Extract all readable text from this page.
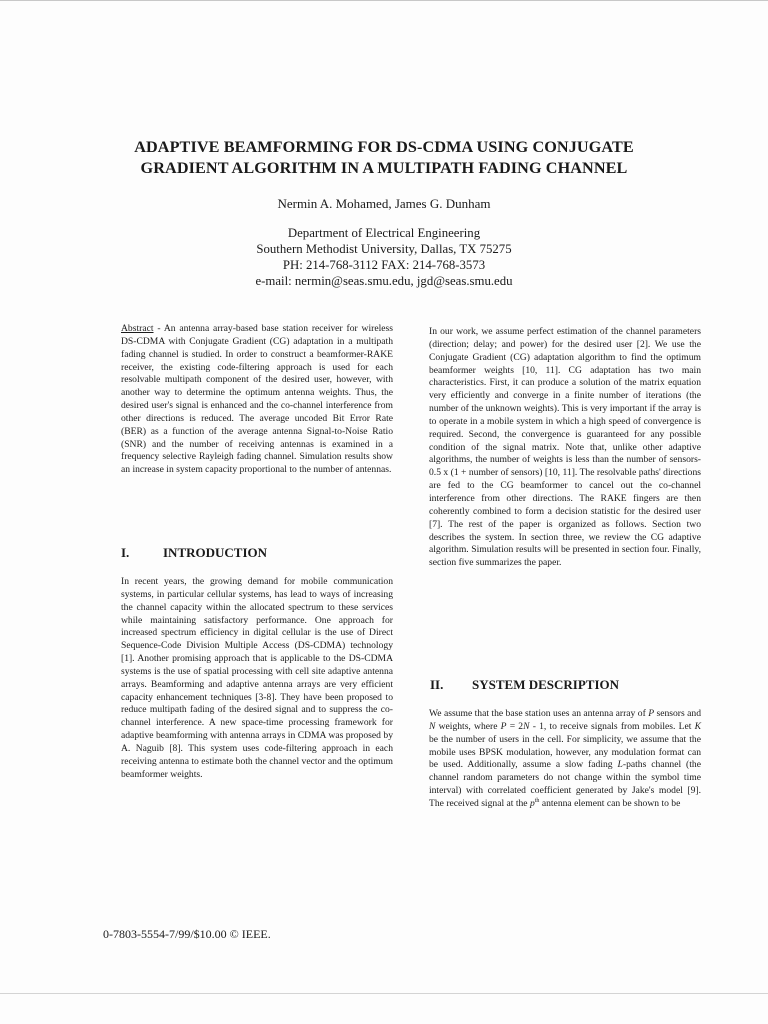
ADAPTIVE BEAMFORMING FOR DS-CDMA USING CONJUGATE
GRADIENT ALGORITHM IN A MULTIPATH FADING CHANNEL

Nermin A. Mohamed, James G. Dunham

Department of Electrical Engineering
Southern Methodist University, Dallas, TX 75275
PH: 214-768-3112 FAX: 214-768-3573
e-mail: nermin@seas.smu.edu, jgd@seas.smu.edu

Abstract - An antenna array-based base station receiver for wireless DS-CDMA with Conjugate Gradient (CG) adaptation in a multipath fading channel is studied. In order to construct a beamformer-RAKE receiver, the existing code-filtering approach is used for each resolvable multipath component of the desired user, however, with another way to determine the optimum antenna weights. Thus, the desired user's signal is enhanced and the co-channel interference from other directions is reduced. The average uncoded Bit Error Rate (BER) as a function of the average antenna Signal-to-Noise Ratio (SNR) and the number of receiving antennas is examined in a frequency selective Rayleigh fading channel. Simulation results show an increase in system capacity proportional to the number of antennas.

I.	INTRODUCTION

In recent years, the growing demand for mobile communication systems, in particular cellular systems, has lead to ways of increasing the channel capacity within the allocated spectrum to these services while maintaining satisfactory performance. One approach for increased spectrum efficiency in digital cellular is the use of Direct Sequence-Code Division Multiple Access (DS-CDMA) technology [1]. Another promising approach that is applicable to the DS-CDMA systems is the use of spatial processing with cell site adaptive antenna arrays. Beamforming and adaptive antenna arrays are very efficient capacity enhancement techniques [3-8]. They have been proposed to reduce multipath fading of the desired signal and to suppress the co-channel interference. A new space-time processing framework for adaptive beamforming with antenna arrays in CDMA was proposed by A. Naguib [8]. This system uses code-filtering approach in each receiving antenna to estimate both the channel vector and the optimum beamformer weights.

In our work, we assume perfect estimation of the channel parameters (direction; delay; and power) for the desired user [2]. We use the Conjugate Gradient (CG) adaptation algorithm to find the optimum beamformer weights [10, 11]. CG adaptation has two main characteristics. First, it can produce a solution of the matrix equation very efficiently and converge in a finite number of iterations (the number of the unknown weights). This is very important if the array is to operate in a mobile system in which a high speed of convergence is required. Second, the convergence is guaranteed for any possible condition of the signal matrix. Note that, unlike other adaptive algorithms, the number of weights is less than the number of sensors-0.5 x (1 + number of sensors) [10, 11]. The resolvable paths' directions are fed to the CG beamformer to cancel out the co-channel interference from other directions. The RAKE fingers are then coherently combined to form a decision statistic for the desired user [7]. The rest of the paper is organized as follows. Section two describes the system. In section three, we review the CG adaptive algorithm. Simulation results will be presented in section four. Finally, section five summarizes the paper.

II. SYSTEM DESCRIPTION

We assume that the base station uses an antenna array of P sensors and N weights, where P = 2N - 1, to receive signals from mobiles. Let K be the number of users in the cell. For simplicity, we assume that the mobile uses BPSK modulation, however, any modulation format can be used. Additionally, assume a slow fading L-paths channel (the channel random parameters do not change within the symbol time interval) with correlated coefficient generated by Jake's model [9]. The received signal at the $p^{th}$ antenna element can be shown to be

0-7803-5554-7/99/$10.00 © IEEE.
